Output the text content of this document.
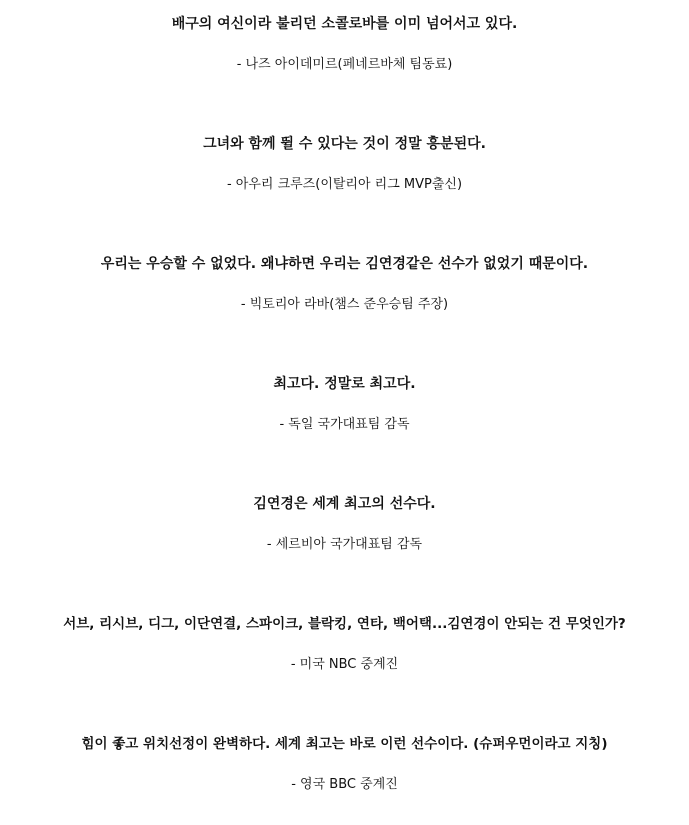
배구의 여신이라 불리던 소콜로바를 이미 넘어서고 있다.
- 나즈 아이데미르(페네르바체 팀동료)
그녀와 함께 뛸 수 있다는 것이 정말 흥분된다.
- 아우리 크루즈(이탈리아 리그 MVP출신)
우리는 우승할 수 없었다. 왜냐하면 우리는 김연경같은 선수가 없었기 때문이다.
- 빅토리아 라바(챔스 준우승팀 주장)
최고다. 정말로 최고다.
- 독일 국가대표팀 감독
김연경은 세계 최고의 선수다.
- 세르비아 국가대표팀 감독
서브, 리시브, 디그, 이단연결, 스파이크, 블락킹, 연타, 백어택...김연경이 안되는 건 무엇인가?
- 미국 NBC 중계진
힘이 좋고 위치선정이 완벽하다. 세계 최고는 바로 이런 선수이다. (슈퍼우먼이라고 지칭)
- 영국 BBC 중계진
